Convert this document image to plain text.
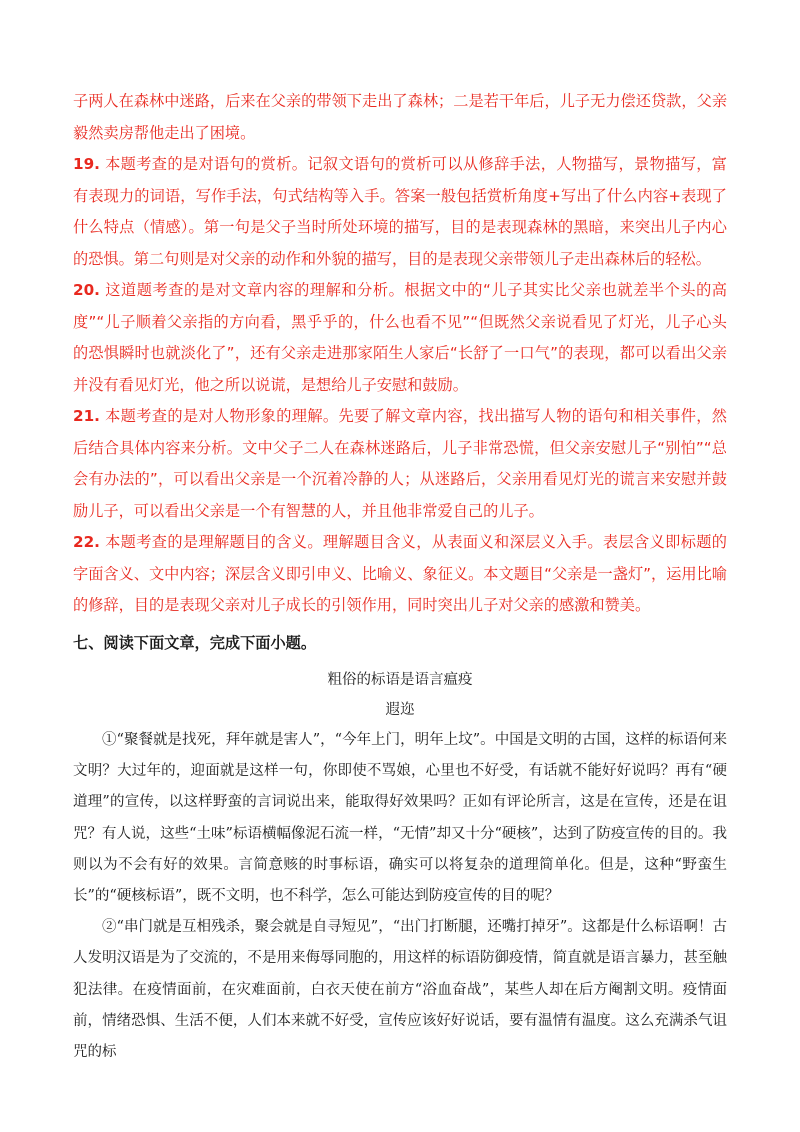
子两人在森林中迷路，后来在父亲的带领下走出了森林；二是若干年后，儿子无力偿还贷款，父亲毅然卖房帮他走出了困境。

19. 本题考查的是对语句的赏析。记叙文语句的赏析可以从修辞手法，人物描写，景物描写，富有表现力的词语，写作手法，句式结构等入手。答案一般包括赏析角度+写出了什么内容+表现了什么特点（情感）。第一句是父子当时所处环境的描写，目的是表现森林的黑暗，来突出儿子内心的恐惧。第二句则是对父亲的动作和外貌的描写，目的是表现父亲带领儿子走出森林后的轻松。

20. 这道题考查的是对文章内容的理解和分析。根据文中的“儿子其实比父亲也就差半个头的高度”“儿子顺着父亲指的方向看，黑乎乎的，什么也看不见”“但既然父亲说看见了灯光，儿子心头的恐惧瞬时也就淡化了”，还有父亲走进那家陌生人家后“长舒了一口气”的表现，都可以看出父亲并没有看见灯光，他之所以说谎，是想给儿子安慰和鼓励。

21. 本题考查的是对人物形象的理解。先要了解文章内容，找出描写人物的语句和相关事件，然后结合具体内容来分析。文中父子二人在森林迷路后，儿子非常恐慌，但父亲安慰儿子“别怕”“总会有办法的”，可以看出父亲是一个沉着冷静的人；从迷路后，父亲用看见灯光的谎言来安慰并鼓励儿子，可以看出父亲是一个有智慧的人，并且他非常爱自己的儿子。

22. 本题考查的是理解题目的含义。理解题目含义，从表面义和深层义入手。表层含义即标题的字面含义、文中内容；深层含义即引申义、比喻义、象征义。本文题目“父亲是一盏灯”，运用比喻的修辞，目的是表现父亲对儿子成长的引领作用，同时突出儿子对父亲的感激和赞美。

七、阅读下面文章，完成下面小题。

粗俗的标语是语言瘟疫

遐迩

①“聚餐就是找死，拜年就是害人”，“今年上门，明年上坟”。中国是文明的古国，这样的标语何来文明？大过年的，迎面就是这样一句，你即使不骂娘，心里也不好受，有话就不能好好说吗？再有“硬道理”的宣传，以这样野蛮的言词说出来，能取得好效果吗？正如有评论所言，这是在宣传，还是在诅咒？有人说，这些“土味”标语横幅像泥石流一样，“无情”却又十分“硬核”，达到了防疫宣传的目的。我则以为不会有好的效果。言简意赅的时事标语，确实可以将复杂的道理简单化。但是，这种“野蛮生长”的“硬核标语”，既不文明，也不科学，怎么可能达到防疫宣传的目的呢？

②“串门就是互相残杀，聚会就是自寻短见”，“出门打断腿，还嘴打掉牙”。这都是什么标语啊！古人发明汉语是为了交流的，不是用来侮辱同胞的，用这样的标语防御疫情，简直就是语言暴力，甚至触犯法律。在疫情面前，在灾难面前，白衣天使在前方“浴血奋战”，某些人却在后方阉割文明。疫情面前，情绪恐惧、生活不便，人们本来就不好受，宣传应该好好说话，要有温情有温度。这么充满杀气诅咒的标
